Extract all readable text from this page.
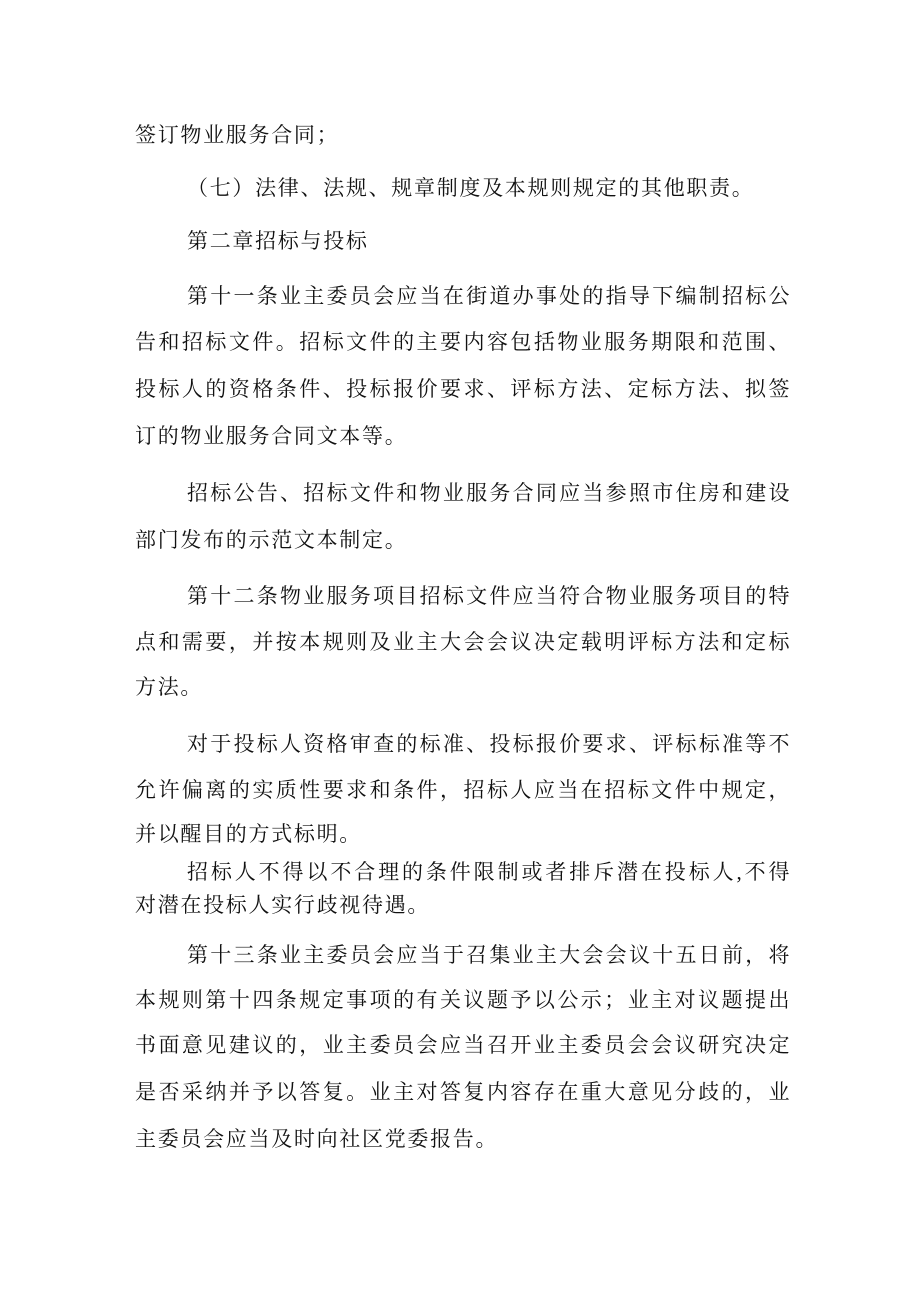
签订物业服务合同；
（七）法律、法规、规章制度及本规则规定的其他职责。
第二章招标与投标
第十一条业主委员会应当在街道办事处的指导下编制招标公
告和招标文件。招标文件的主要内容包括物业服务期限和范围、
投标人的资格条件、投标报价要求、评标方法、定标方法、拟签
订的物业服务合同文本等。
招标公告、招标文件和物业服务合同应当参照市住房和建设
部门发布的示范文本制定。
第十二条物业服务项目招标文件应当符合物业服务项目的特
点和需要，并按本规则及业主大会会议决定载明评标方法和定标
方法。
对于投标人资格审查的标准、投标报价要求、评标标准等不
允许偏离的实质性要求和条件，招标人应当在招标文件中规定，
并以醒目的方式标明。
招标人不得以不合理的条件限制或者排斥潜在投标人,不得
对潜在投标人实行歧视待遇。
第十三条业主委员会应当于召集业主大会会议十五日前，将
本规则第十四条规定事项的有关议题予以公示；业主对议题提出
书面意见建议的，业主委员会应当召开业主委员会会议研究决定
是否采纳并予以答复。业主对答复内容存在重大意见分歧的，业
主委员会应当及时向社区党委报告。
